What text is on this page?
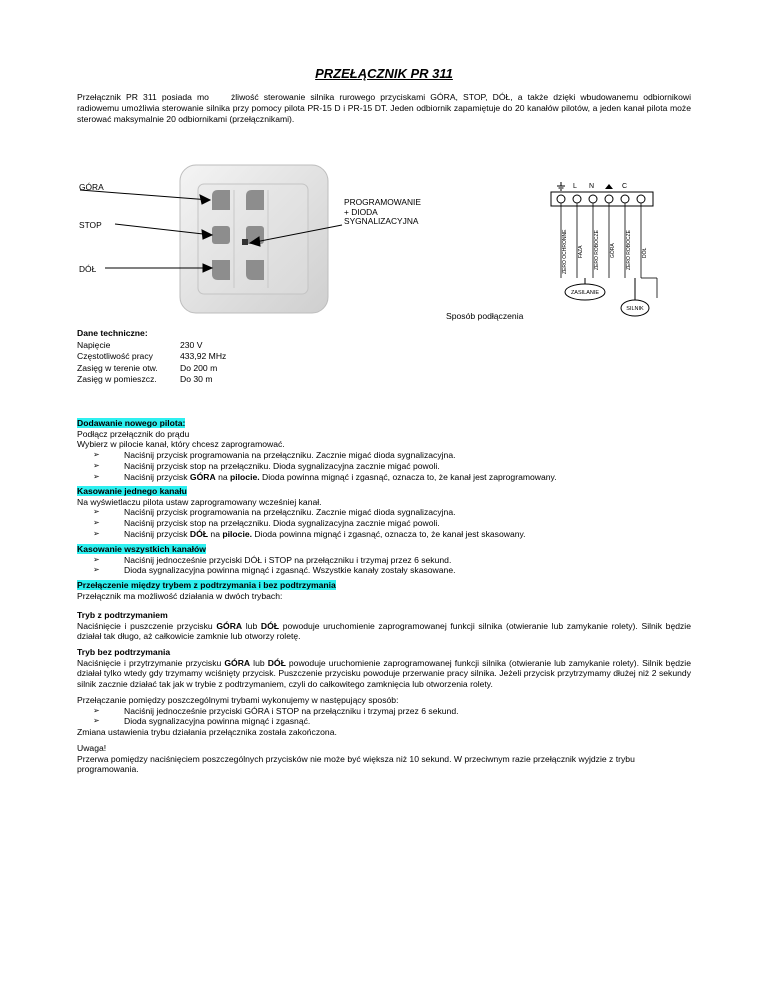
PRZEŁĄCZNIK PR 311
Przełącznik PR 311 posiada mo	żliwość sterowanie silnika rurowego przyciskami GÓRA, STOP, DÓŁ, a także dzięki wbudowanemu odbiornikowi radiowemu umożliwia sterowanie silnika przy pomocy pilota PR-15 D i PR-15 DT. Jeden odbiornik zapamiętuje do 20 kanałów pilotów, a jeden kanał pilota może sterować maksymalnie 20 odbiornikami (przełącznikami).
GÓRA
STOP
DÓŁ
PROGRAMOWANIE
+ DIODA
SYGNALIZACYJNA
L N	C
ZERO OCHRONNE FAZA ZERO ROBOCZE GÓRA ZERO ROBOCZE DÓŁ
ZASILANIE
SILNIK
Sposób podłączenia
Dane techniczne:
Napięcie	230 V
Częstotliwość pracy	433,92 MHz
Zasięg w terenie otw.	Do 200 m
Zasięg w pomieszcz.	Do 30 m
Dodawanie nowego pilota:
Podłącz przełącznik do prądu
Wybierz w pilocie kanał, który chcesz zaprogramować.
➢	Naciśnij przycisk programowania na przełączniku. Zacznie migać dioda sygnalizacyjna.
➢	Naciśnij przycisk stop na przełączniku. Dioda sygnalizacyjna zacznie migać powoli.
➢	Naciśnij przycisk GÓRA na pilocie. Dioda powinna mignąć i zgasnąć, oznacza to, że kanał jest zaprogramowany.
Kasowanie jednego kanału
Na wyświetlaczu pilota ustaw zaprogramowany wcześniej kanał.
➢	Naciśnij przycisk programowania na przełączniku. Zacznie migać dioda sygnalizacyjna.
➢	Naciśnij przycisk stop na przełączniku. Dioda sygnalizacyjna zacznie migać powoli.
➢	Naciśnij przycisk DÓŁ na pilocie. Dioda powinna mignąć i zgasnąć, oznacza to, że kanał jest skasowany.
Kasowanie wszystkich kanałów
➢	Naciśnij jednocześnie przyciski DÓŁ i STOP na przełączniku i trzymaj przez 6 sekund.
➢	Dioda sygnalizacyjna powinna mignąć i zgasnąć. Wszystkie kanały zostały skasowane.
Przełączenie między trybem z podtrzymania i bez podtrzymania
Przełącznik ma możliwość działania w dwóch trybach:
Tryb z podtrzymaniem
Naciśnięcie i puszczenie przycisku GÓRA lub DÓŁ powoduje uruchomienie zaprogramowanej funkcji silnika (otwieranie lub zamykanie rolety). Silnik będzie działał tak długo, aż całkowicie zamknie lub otworzy roletę.
Tryb bez podtrzymania
Naciśnięcie i przytrzymanie przycisku GÓRA lub DÓŁ powoduje uruchomienie zaprogramowanej funkcji silnika (otwieranie lub zamykanie rolety). Silnik będzie działał tylko wtedy gdy trzymamy wciśnięty przycisk. Puszczenie przycisku powoduje przerwanie pracy silnika. Jeżeli przycisk przytrzymamy dłużej niż 2 sekundy silnik zacznie działać tak jak w trybie z podtrzymaniem, czyli do całkowitego zamknięcia lub otworzenia rolety.
Przełączanie pomiędzy poszczególnymi trybami wykonujemy w następujący sposób:
➢	Naciśnij jednocześnie przyciski GÓRA i STOP na przełączniku i trzymaj przez 6 sekund.
➢	Dioda sygnalizacyjna powinna mignąć i zgasnąć.
Zmiana ustawienia trybu działania przełącznika została zakończona.
Uwaga!
Przerwa pomiędzy naciśnięciem poszczególnych przycisków nie może być większa niż 10 sekund. W przeciwnym razie przełącznik wyjdzie z trybu programowania.
